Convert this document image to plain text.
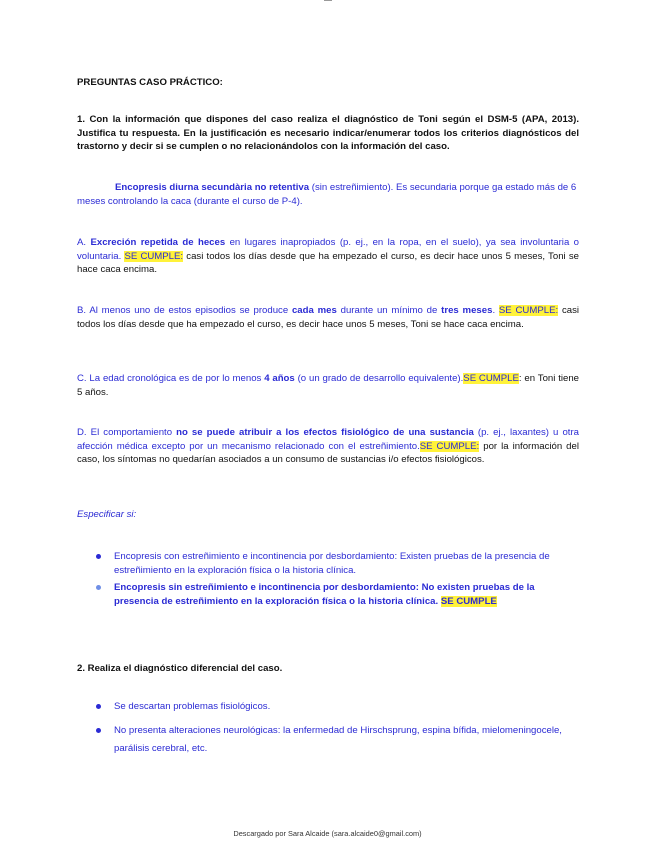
PREGUNTAS CASO PRÁCTICO:
1. Con la información que dispones del caso realiza el diagnóstico de Toni según el DSM-5 (APA, 2013). Justifica tu respuesta. En la justificación es necesario indicar/enumerar todos los criterios diagnósticos del trastorno y decir si se cumplen o no relacionándolos con la información del caso.
Encopresis diurna secundària no retentiva (sin estreñimiento). Es secundaria porque ga estado más de 6 meses controlando la caca (durante el curso de P-4).
A. Excreción repetida de heces en lugares inapropiados (p. ej., en la ropa, en el suelo), ya sea involuntaria o voluntaria. SE CUMPLE: casi todos los días desde que ha empezado el curso, es decir hace unos 5 meses, Toni se hace caca encima.
B. Al menos uno de estos episodios se produce cada mes durante un mínimo de tres meses. SE CUMPLE: casi todos los días desde que ha empezado el curso, es decir hace unos 5 meses, Toni se hace caca encima.
C. La edad cronológica es de por lo menos 4 años (o un grado de desarrollo equivalente).SE CUMPLE: en Toni tiene 5 años.
D. El comportamiento no se puede atribuir a los efectos fisiológico de una sustancia (p. ej., laxantes) u otra afección médica excepto por un mecanismo relacionado con el estreñimiento.SE CUMPLE: por la información del caso, los síntomas no quedarían asociados a un consumo de sustancias i/o efectos fisiológicos.
Especificar si:
Encopresis con estreñimiento e incontinencia por desbordamiento: Existen pruebas de la presencia de estreñimiento en la exploración física o la historia clínica.
Encopresis sin estreñimiento e incontinencia por desbordamiento: No existen pruebas de la presencia de estreñimiento en la exploración física o la historia clínica. SE CUMPLE
2. Realiza el diagnóstico diferencial del caso.
Se descartan problemas fisiológicos.
No presenta alteraciones neurológicas: la enfermedad de Hirschsprung, espina bífida, mielomeningocele, parálisis cerebral, etc.
Descargado por Sara Alcaide (sara.alcaide0@gmail.com)
